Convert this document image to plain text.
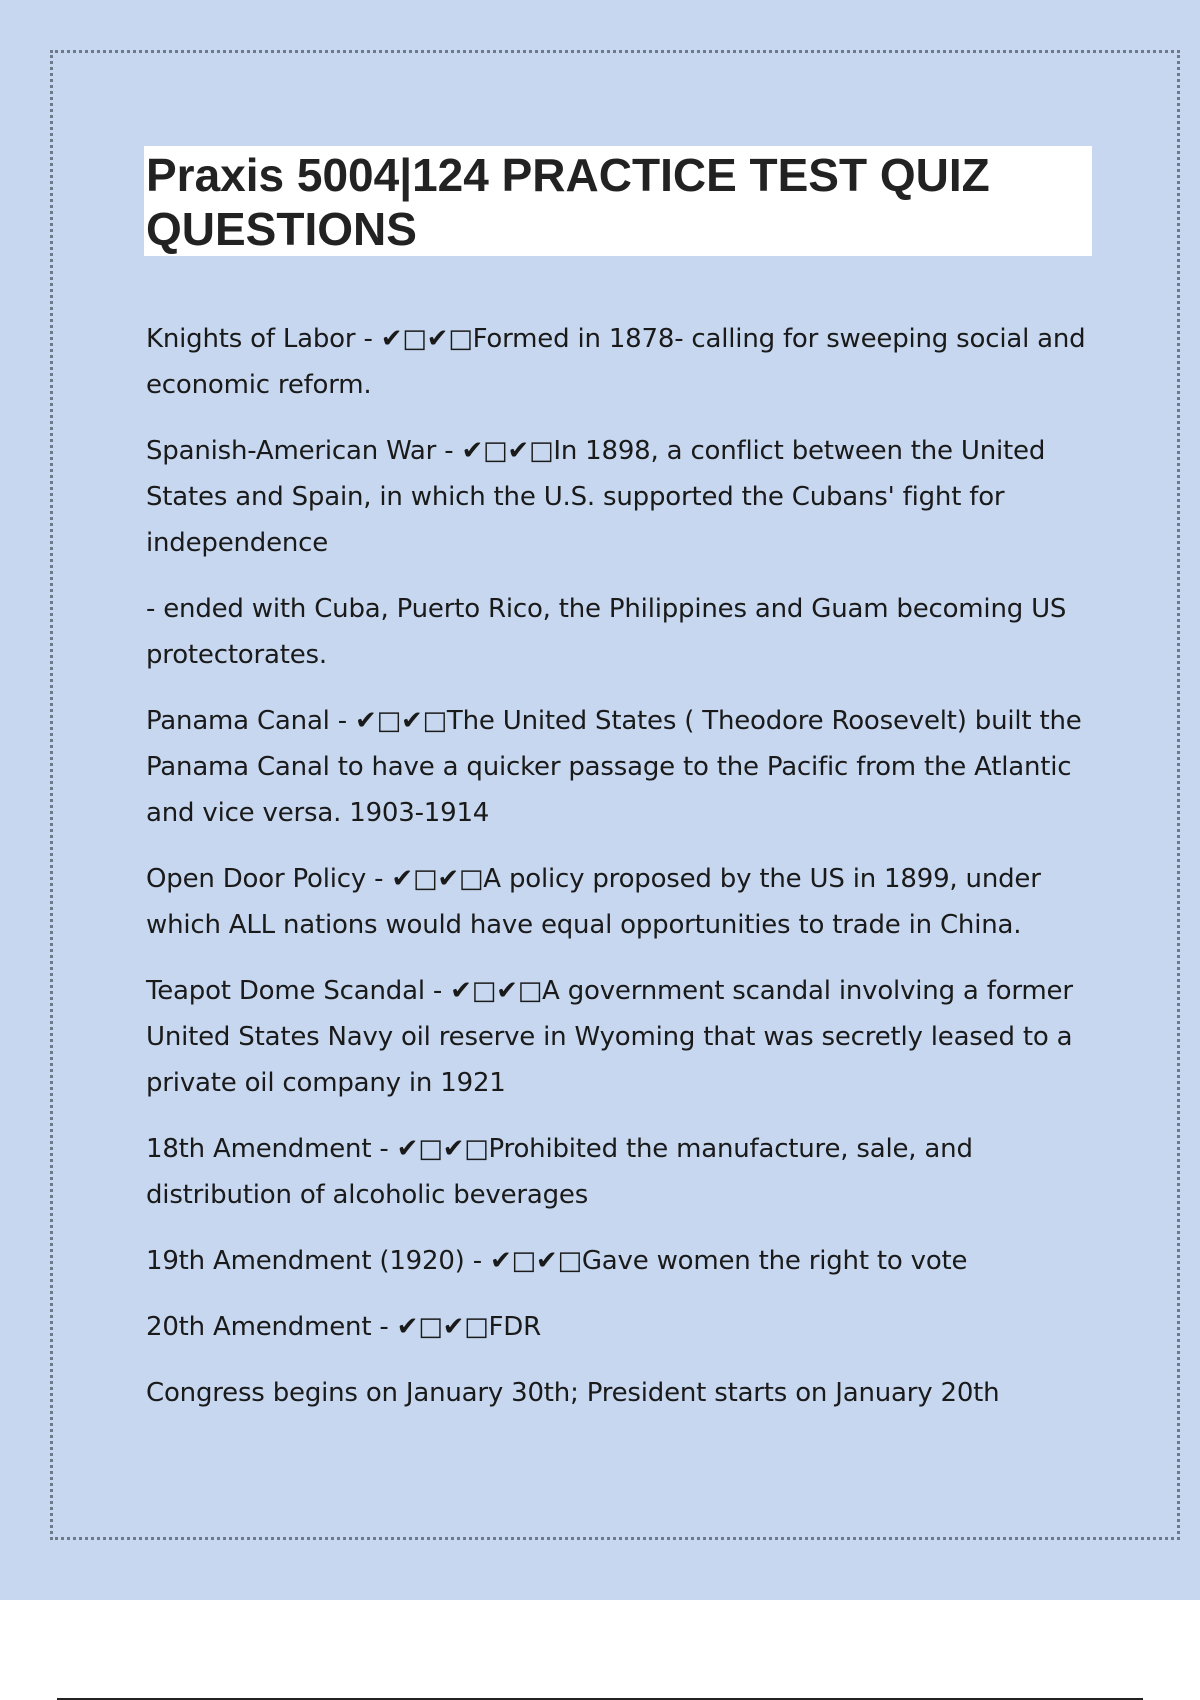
Praxis 5004|124 PRACTICE TEST QUIZ QUESTIONS

Knights of Labor - ✔□✔□Formed in 1878- calling for sweeping social and economic reform.

Spanish-American War - ✔□✔□In 1898, a conflict between the United States and Spain, in which the U.S. supported the Cubans' fight for independence

- ended with Cuba, Puerto Rico, the Philippines and Guam becoming US protectorates.

Panama Canal - ✔□✔□The United States ( Theodore Roosevelt) built the Panama Canal to have a quicker passage to the Pacific from the Atlantic and vice versa. 1903-1914

Open Door Policy - ✔□✔□A policy proposed by the US in 1899, under which ALL nations would have equal opportunities to trade in China.

Teapot Dome Scandal - ✔□✔□A government scandal involving a former United States Navy oil reserve in Wyoming that was secretly leased to a private oil company in 1921

18th Amendment - ✔□✔□Prohibited the manufacture, sale, and distribution of alcoholic beverages

19th Amendment (1920) - ✔□✔□Gave women the right to vote

20th Amendment - ✔□✔□FDR

Congress begins on January 30th; President starts on January 20th
